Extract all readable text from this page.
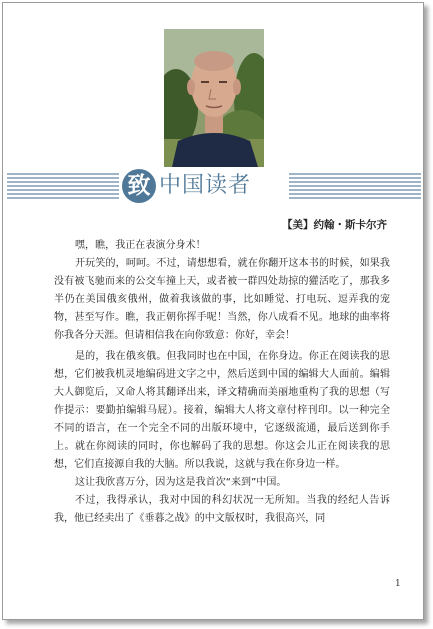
致 中国读者
【美】约翰・斯卡尔齐

嘿，瞧，我正在表演分身术！

开玩笑的，呵呵。不过，请想想看，就在你翻开这本书的时候，如果我没有被飞驰而来的公交车撞上天，或者被一群四处劫掠的獾活吃了，那我多半仍在美国俄亥俄州，做着我该做的事，比如睡觉、打电玩、逗弄我的宠物，甚至写作。瞧，我正朝你挥手呢！当然，你八成看不见。地球的曲率将你我各分天涯。但请相信我在向你致意：你好，幸会！

是的，我在俄亥俄。但我同时也在中国，在你身边。你正在阅读我的思想，它们被我机灵地编码进文字之中，然后送到中国的编辑大人面前。编辑大人御览后，又命人将其翻译出来，译文精确而美丽地重构了我的思想（写作提示：要勤拍编辑马屁）。接着，编辑大人将文章付梓刊印。以一种完全不同的语言，在一个完全不同的出版环境中，它逐级流通，最后送到你手上。就在你阅读的同时，你也解码了我的思想。你这会儿正在阅读我的思想，它们直接源自我的大脑。所以我说，这就与我在你身边一样。

这让我欣喜万分，因为这是我首次“来到”中国。

不过，我得承认，我对中国的科幻状况一无所知。当我的经纪人告诉我，他已经卖出了《垂暮之战》的中文版权时，我很高兴，同

1
